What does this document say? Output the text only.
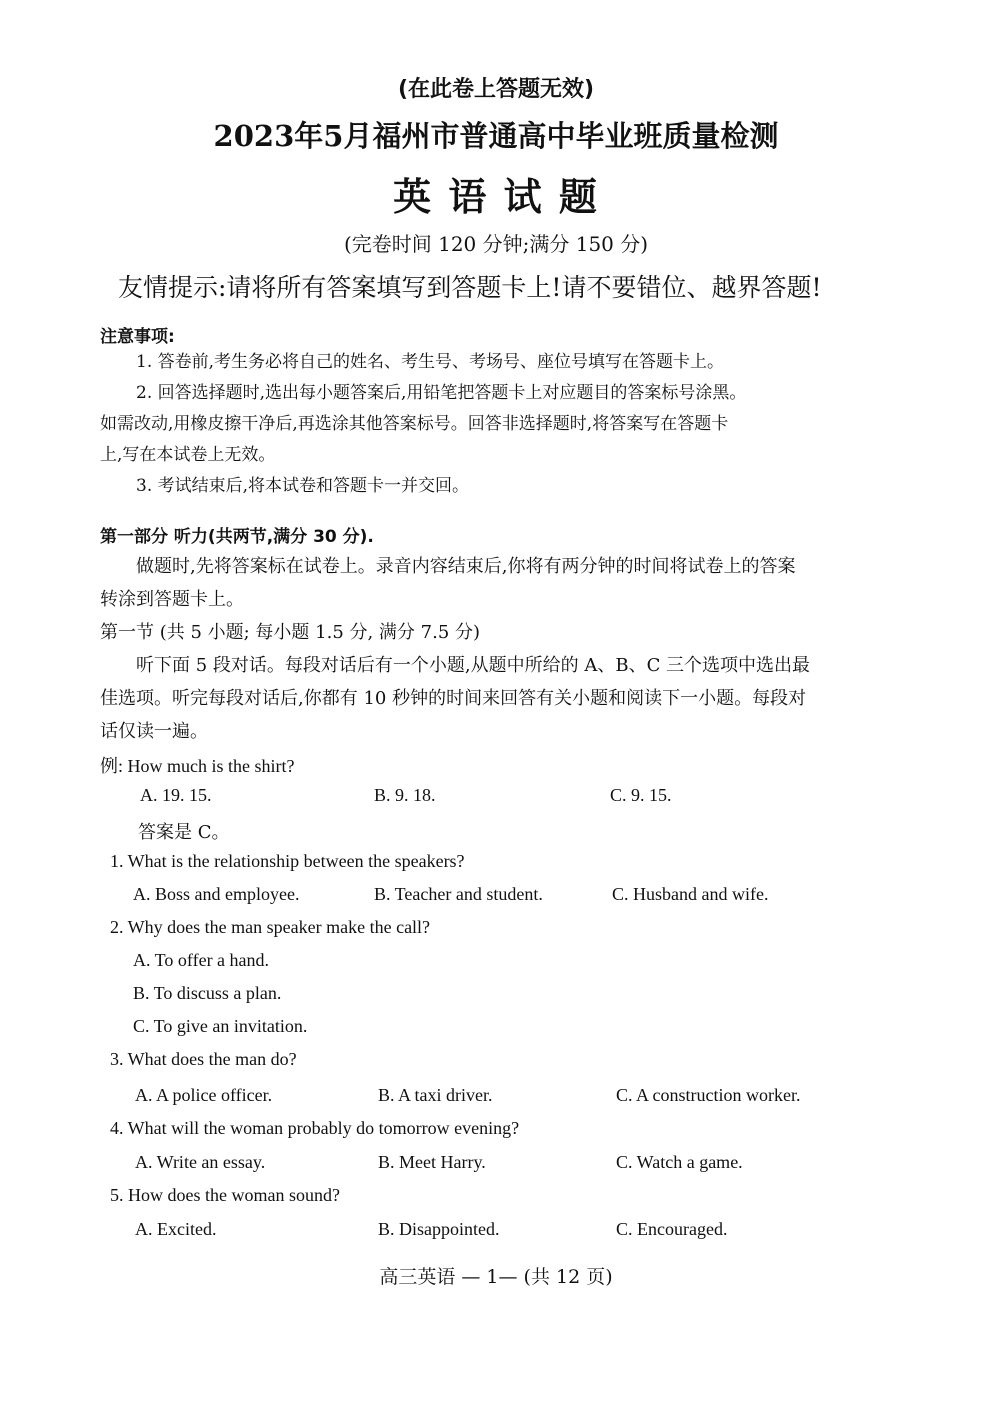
(在此卷上答题无效)
2023年5月福州市普通高中毕业班质量检测
英 语 试 题
(完卷时间 120 分钟;满分 150 分)
友情提示:请将所有答案填写到答题卡上!请不要错位、越界答题!
注意事项:
1. 答卷前,考生务必将自己的姓名、考生号、考场号、座位号填写在答题卡上。
2. 回答选择题时,选出每小题答案后,用铅笔把答题卡上对应题目的答案标号涂黑。
如需改动,用橡皮擦干净后,再选涂其他答案标号。回答非选择题时,将答案写在答题卡
上,写在本试卷上无效。
3. 考试结束后,将本试卷和答题卡一并交回。
第一部分 听力(共两节,满分 30 分).
做题时,先将答案标在试卷上。录音内容结束后,你将有两分钟的时间将试卷上的答案
转涂到答题卡上。
第一节 (共 5 小题; 每小题 1.5 分, 满分 7.5 分)
听下面 5 段对话。每段对话后有一个小题,从题中所给的 A、B、C 三个选项中选出最
佳选项。听完每段对话后,你都有 10 秒钟的时间来回答有关小题和阅读下一小题。每段对
话仅读一遍。
例: How much is the shirt?
A. 19. 15.	B. 9. 18.	C. 9. 15.
答案是 C。
1. What is the relationship between the speakers?
A. Boss and employee.	B. Teacher and student.	C. Husband and wife.
2. Why does the man speaker make the call?
A. To offer a hand.
B. To discuss a plan.
C. To give an invitation.
3. What does the man do?
A. A police officer.	B. A taxi driver.	C. A construction worker.
4. What will the woman probably do tomorrow evening?
A. Write an essay.	B. Meet Harry.	C. Watch a game.
5. How does the woman sound?
A. Excited.	B. Disappointed.	C. Encouraged.
高三英语 — 1— (共 12 页)
